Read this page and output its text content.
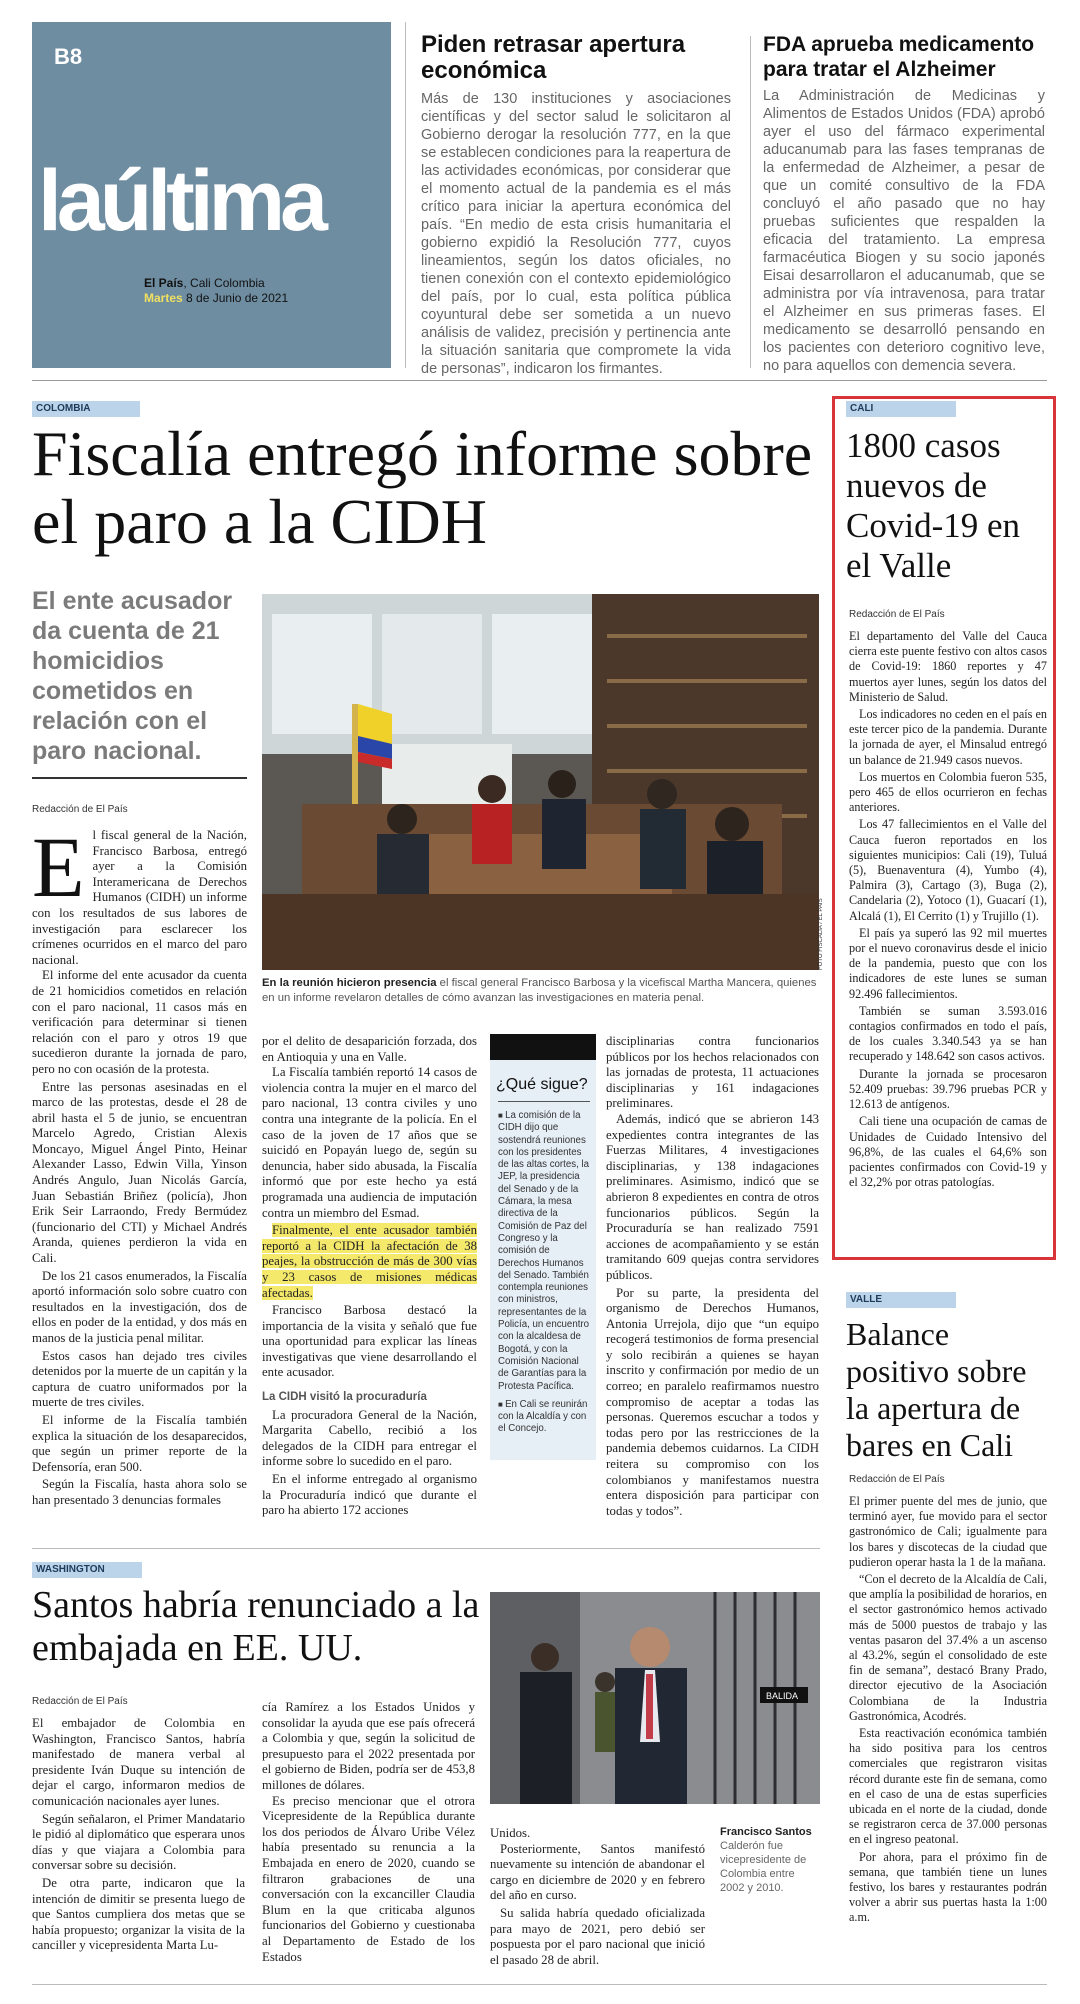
B8
laúltima
El País, Cali Colombia
Martes 8 de Junio de 2021
Piden retrasar apertura económica
Más de 130 instituciones y asociaciones científicas y del sector salud le solicitaron al Gobierno derogar la resolución 777, en la que se establecen condiciones para la reapertura de las actividades económicas, por considerar que el momento actual de la pandemia es el más crítico para iniciar la apertura económica del país. “En medio de esta crisis humanitaria el gobierno expidió la Resolución 777, cuyos lineamientos, según los datos oficiales, no tienen conexión con el contexto epidemiológico del país, por lo cual, esta política pública coyuntural debe ser sometida a un nuevo análisis de validez, precisión y pertinencia ante la situación sanitaria que compromete la vida de personas”, indicaron los firmantes.
FDA aprueba medicamento para tratar el Alzheimer
La Administración de Medicinas y Alimentos de Estados Unidos (FDA) aprobó ayer el uso del fármaco experimental aducanumab para las fases tempranas de la enfermedad de Alzheimer, a pesar de que un comité consultivo de la FDA concluyó el año pasado que no hay pruebas suficientes que respalden la eficacia del tratamiento. La empresa farmacéutica Biogen y su socio japonés Eisai desarrollaron el aducanumab, que se administra por vía intravenosa, para tratar el Alzheimer en sus primeras fases. El medicamento se desarrolló pensando en los pacientes con deterioro cognitivo leve, no para aquellos con demencia severa.
COLOMBIA
Fiscalía entregó informe sobre el paro a la CIDH
El ente acusador da cuenta de 21 homicidios cometidos en relación con el paro nacional.
Redacción de El País
FOTO FISCALÍA / EL PAÍS
En la reunión hicieron presencia el fiscal general Francisco Barbosa y la vicefiscal Martha Mancera, quienes en un informe revelaron detalles de cómo avanzan las investigaciones en materia penal.
El fiscal general de la Nación, Francisco Barbosa, entregó ayer a la Comisión Interamericana de Derechos Humanos (CIDH) un informe con los resultados de sus labores de investigación para esclarecer los crímenes ocurridos en el marco del paro nacional.

El informe del ente acusador da cuenta de 21 homicidios cometidos en relación con el paro nacional, 11 casos más en verificación para determinar si tienen relación con el paro y otros 19 que sucedieron durante la jornada de paro, pero no con ocasión de la protesta.

Entre las personas asesinadas en el marco de las protestas, desde el 28 de abril hasta el 5 de junio, se encuentran Marcelo Agredo, Cristian Alexis Moncayo, Miguel Ángel Pinto, Heinar Alexander Lasso, Edwin Villa, Yinson Andrés Angulo, Juan Nicolás García, Juan Sebastián Briñez (policía), Jhon Erik Seir Larraondo, Fredy Bermúdez (funcionario del CTI) y Michael Andrés Aranda, quienes perdieron la vida en Cali.

De los 21 casos enumerados, la Fiscalía aportó información solo sobre cuatro con resultados en la investigación, dos de ellos en poder de la entidad, y dos más en manos de la justicia penal militar.

Estos casos han dejado tres civiles detenidos por la muerte de un capitán y la captura de cuatro uniformados por la muerte de tres civiles.

El informe de la Fiscalía también explica la situación de los desaparecidos, que según un primer reporte de la Defensoría, eran 500.

Según la Fiscalía, hasta ahora solo se han presentado 3 denuncias formales

por el delito de desaparición forzada, dos en Antioquia y una en Valle.

La Fiscalía también reportó 14 casos de violencia contra la mujer en el marco del paro nacional, 13 contra civiles y uno contra una integrante de la policía. En el caso de la joven de 17 años que se suicidó en Popayán luego de, según su denuncia, haber sido abusada, la Fiscalía informó que por este hecho ya está programada una audiencia de imputación contra un miembro del Esmad.

Finalmente, el ente acusador también reportó a la CIDH la afectación de 38 peajes, la obstrucción de más de 300 vías y 23 casos de misiones médicas afectadas.

Francisco Barbosa destacó la importancia de la visita y señaló que fue una oportunidad para explicar las líneas investigativas que viene desarrollando el ente acusador.

La CIDH visitó la procuraduría

La procuradora General de la Nación, Margarita Cabello, recibió a los delegados de la CIDH para entregar el informe sobre lo sucedido en el paro.

En el informe entregado al organismo la Procuraduría indicó que durante el paro ha abierto 172 acciones

¿Qué sigue?

■ La comisión de la CIDH dijo que sostendrá reuniones con los presidentes de las altas cortes, la JEP, la presidencia del Senado y de la Cámara, la mesa directiva de la Comisión de Paz del Congreso y la comisión de Derechos Humanos del Senado. También contempla reuniones con ministros, representantes de la Policía, un encuentro con la alcaldesa de Bogotá, y con la Comisión Nacional de Garantías para la Protesta Pacífica.

■ En Cali se reunirán con la Alcaldía y con el Concejo.

disciplinarias contra funcionarios públicos por los hechos relacionados con las jornadas de protesta, 11 actuaciones disciplinarias y 161 indagaciones preliminares.

Además, indicó que se abrieron 143 expedientes contra integrantes de las Fuerzas Militares, 4 investigaciones disciplinarias, y 138 indagaciones preliminares. Asimismo, indicó que se abrieron 8 expedientes en contra de otros funcionarios públicos. Según la Procuraduría se han realizado 7591 acciones de acompañamiento y se están tramitando 609 quejas contra servidores públicos.

Por su parte, la presidenta del organismo de Derechos Humanos, Antonia Urrejola, dijo que “un equipo recogerá testimonios de forma presencial y solo recibirán a quienes se hayan inscrito y confirmación por medio de un correo; en paralelo reafirmamos nuestro compromiso de aceptar a todas las personas. Queremos escuchar a todos y todas pero por las restricciones de la pandemia debemos cuidarnos. La CIDH reitera su compromiso con los colombianos y manifestamos nuestra entera disposición para participar con todas y todos”.

CALI
1800 casos nuevos de Covid-19 en el Valle
Redacción de El País

El departamento del Valle del Cauca cierra este puente festivo con altos casos de Covid-19: 1860 reportes y 47 muertos ayer lunes, según los datos del Ministerio de Salud.

Los indicadores no ceden en el país en este tercer pico de la pandemia. Durante la jornada de ayer, el Minsalud entregó un balance de 21.949 casos nuevos.

Los muertos en Colombia fueron 535, pero 465 de ellos ocurrieron en fechas anteriores.

Los 47 fallecimientos en el Valle del Cauca fueron reportados en los siguientes municipios: Cali (19), Tuluá (5), Buenaventura (4), Yumbo (4), Palmira (3), Cartago (3), Buga (2), Candelaria (2), Yotoco (1), Guacarí (1), Alcalá (1), El Cerrito (1) y Trujillo (1).

El país ya superó las 92 mil muertes por el nuevo coronavirus desde el inicio de la pandemia, puesto que con los indicadores de este lunes se suman 92.496 fallecimientos.

También se suman 3.593.016 contagios confirmados en todo el país, de los cuales 3.340.543 ya se han recuperado y 148.642 son casos activos.

Durante la jornada se procesaron 52.409 pruebas: 39.796 pruebas PCR y 12.613 de antígenos.

Cali tiene una ocupación de camas de Unidades de Cuidado Intensivo del 96,8%, de las cuales el 64,6% son pacientes confirmados con Covid-19 y el 32,2% por otras patologías.

VALLE
Balance positivo sobre la apertura de bares en Cali
Redacción de El País

El primer puente del mes de junio, que terminó ayer, fue movido para el sector gastronómico de Cali; igualmente para los bares y discotecas de la ciudad que pudieron operar hasta la 1 de la mañana.

“Con el decreto de la Alcaldía de Cali, que amplía la posibilidad de horarios, en el sector gastronómico hemos activado más de 5000 puestos de trabajo y las ventas pasaron del 37.4% a un ascenso al 43.2%, según el consolidado de este fin de semana”, destacó Brany Prado, director ejecutivo de la Asociación Colombiana de la Industria Gastronómica, Acodrés.

Esta reactivación económica también ha sido positiva para los centros comerciales que registraron visitas récord durante este fin de semana, como en el caso de una de estas superficies ubicada en el norte de la ciudad, donde se registraron cerca de 37.000 personas en el ingreso peatonal.

Por ahora, para el próximo fin de semana, que también tiene un lunes festivo, los bares y restaurantes podrán volver a abrir sus puertas hasta la 1:00 a.m.

WASHINGTON
Santos habría renunciado a la embajada en EE. UU.
Redacción de El País

El embajador de Colombia en Washington, Francisco Santos, habría manifestado de manera verbal al presidente Iván Duque su intención de dejar el cargo, informaron medios de comunicación nacionales ayer lunes.

Según señalaron, el Primer Mandatario le pidió al diplomático que esperara unos días y que viajara a Colombia para conversar sobre su decisión.

De otra parte, indicaron que la intención de dimitir se presenta luego de que Santos cumpliera dos metas que se había propuesto; organizar la visita de la canciller y vicepresidenta Marta Lu-

cía Ramírez a los Estados Unidos y consolidar la ayuda que ese país ofrecerá a Colombia y que, según la solicitud de presupuesto para el 2022 presentada por el gobierno de Biden, podría ser de 453,8 millones de dólares.

Es preciso mencionar que el otrora Vicepresidente de la República durante los dos periodos de Álvaro Uribe Vélez había presentado su renuncia a la Embajada en enero de 2020, cuando se filtraron grabaciones de una conversación con la excanciller Claudia Blum en la que criticaba algunos funcionarios del Gobierno y cuestionaba al Departamento de Estado de los Estados

BALIDA
Francisco Santos
Calderón fue vicepresidente de Colombia entre 2002 y 2010.

Unidos.

Posteriormente, Santos manifestó nuevamente su intención de abandonar el cargo en diciembre de 2020 y en febrero del año en curso.

Su salida habría quedado oficializada para mayo de 2021, pero debió ser pospuesta por el paro nacional que inició el pasado 28 de abril.
